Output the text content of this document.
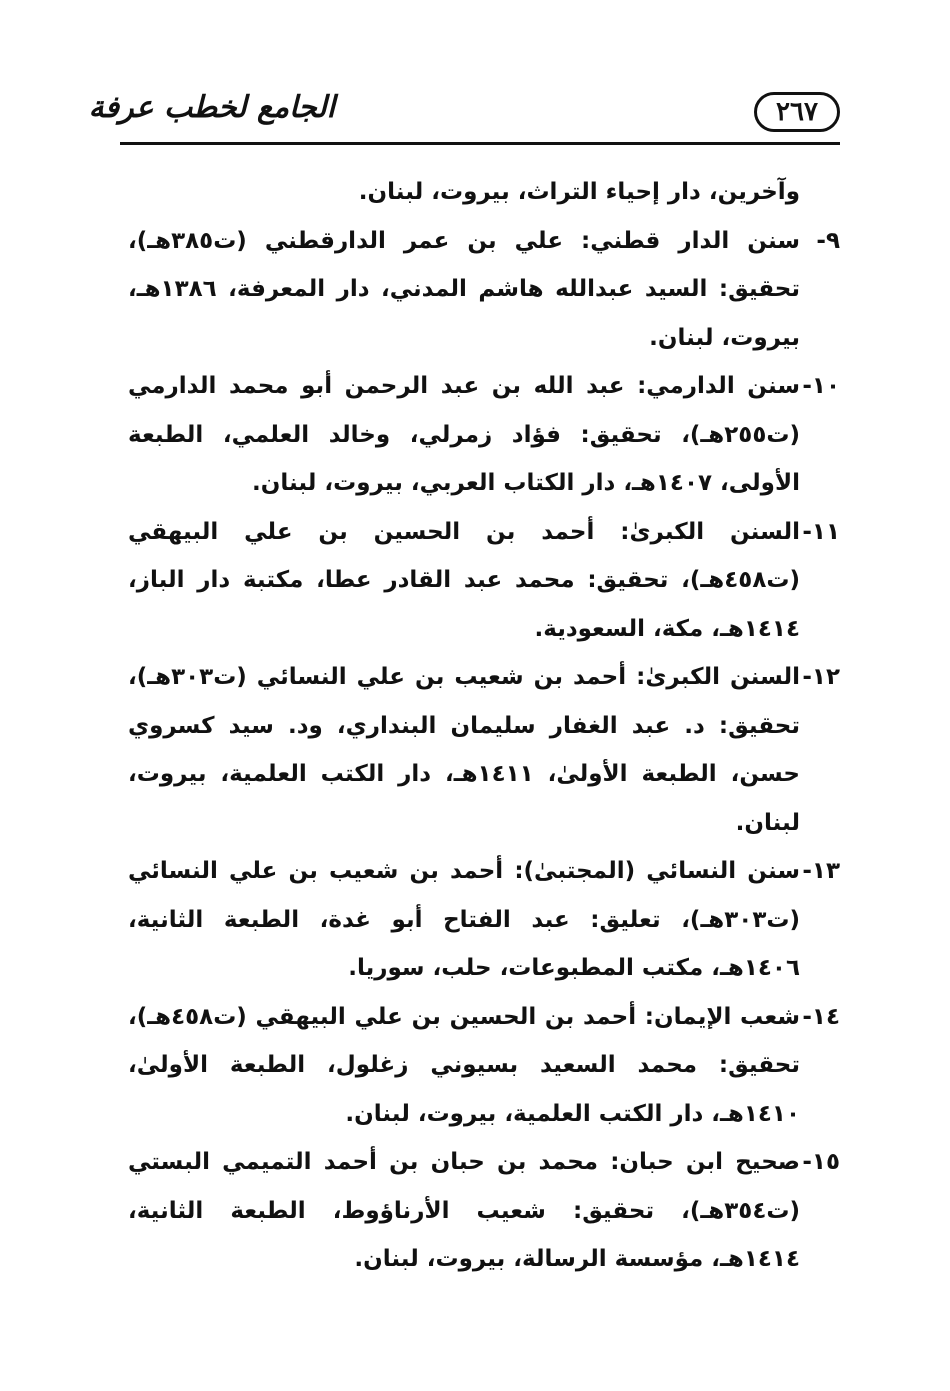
٢٦٧
الجامع لخطب عرفة
وآخرين، دار إحياء التراث، بيروت، لبنان.
٩-
سنن الدار قطني: علي بن عمر الدارقطني (ت٣٨٥هـ)، تحقيق: السيد عبدالله هاشم المدني، دار المعرفة، ١٣٨٦هـ، بيروت، لبنان.
١٠-
سنن الدارمي: عبد الله بن عبد الرحمن أبو محمد الدارمي (ت٢٥٥هـ)، تحقيق: فؤاد زمرلي، وخالد العلمي، الطبعة الأولى، ١٤٠٧هـ، دار الكتاب العربي، بيروت، لبنان.
١١-
السنن الكبرىٰ: أحمد بن الحسين بن علي البيهقي (ت٤٥٨هـ)، تحقيق: محمد عبد القادر عطا، مكتبة دار الباز، ١٤١٤هـ، مكة، السعودية.
١٢-
السنن الكبرىٰ: أحمد بن شعيب بن علي النسائي (ت٣٠٣هـ)، تحقيق: د. عبد الغفار سليمان البنداري، ود. سيد كسروي حسن، الطبعة الأولىٰ، ١٤١١هـ، دار الكتب العلمية، بيروت، لبنان.
١٣-
سنن النسائي (المجتبىٰ): أحمد بن شعيب بن علي النسائي (ت٣٠٣هـ)، تعليق: عبد الفتاح أبو غدة، الطبعة الثانية، ١٤٠٦هـ، مكتب المطبوعات، حلب، سوريا.
١٤-
شعب الإيمان: أحمد بن الحسين بن علي البيهقي (ت٤٥٨هـ)، تحقيق: محمد السعيد بسيوني زغلول، الطبعة الأولىٰ، ١٤١٠هـ، دار الكتب العلمية، بيروت، لبنان.
١٥-
صحيح ابن حبان: محمد بن حبان بن أحمد التميمي البستي (ت٣٥٤هـ)، تحقيق: شعيب الأرناؤوط، الطبعة الثانية، ١٤١٤هـ، مؤسسة الرسالة، بيروت، لبنان.
